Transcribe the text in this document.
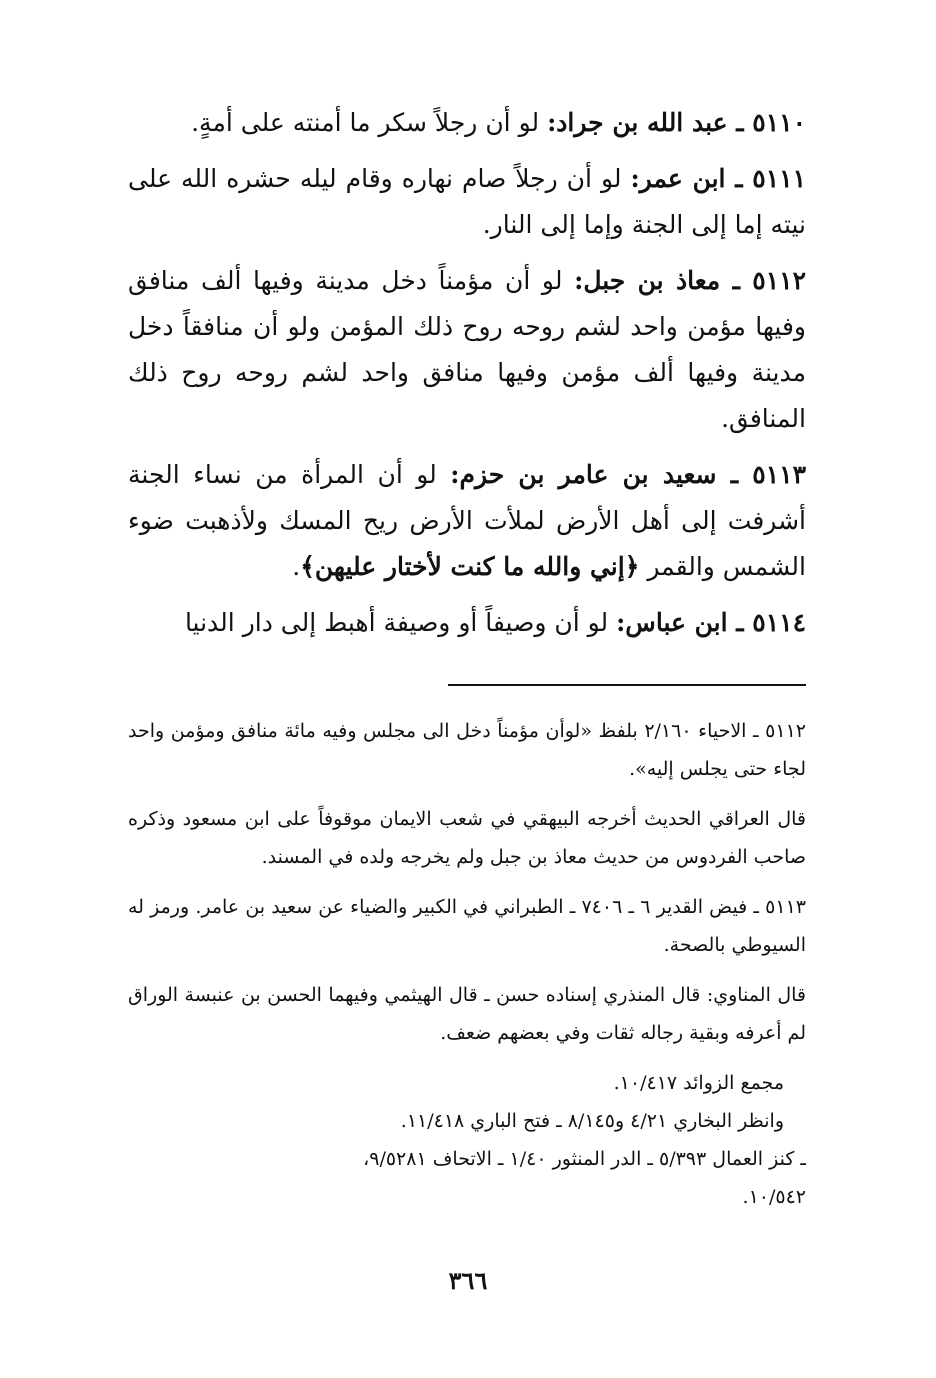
٥١١٠ ـ عبد الله بن جراد: لو أن رجلاً سكر ما أمنته على أمةٍ.

٥١١١ ـ ابن عمر: لو أن رجلاً صام نهاره وقام ليله حشره الله على نيته إما إلى الجنة وإما إلى النار.

٥١١٢ ـ معاذ بن جبل: لو أن مؤمناً دخل مدينة وفيها ألف منافق وفيها مؤمن واحد لشم روحه روح ذلك المؤمن ولو أن منافقاً دخل مدينة وفيها ألف مؤمن وفيها منافق واحد لشم روحه روح ذلك المنافق.

٥١١٣ ـ سعيد بن عامر بن حزم: لو أن المرأة من نساء الجنة أشرفت إلى أهل الأرض لملأت الأرض ريح المسك ولأذهبت ضوء الشمس والقمر ﴿إني والله ما كنت لأختار عليهن﴾.

٥١١٤ ـ ابن عباس: لو أن وصيفاً أو وصيفة أهبط إلى دار الدنيا

٥١١٢ ـ الاحياء ٢/١٦٠ بلفظ «لوأن مؤمناً دخل الى مجلس وفيه مائة منافق ومؤمن واحد لجاء حتى يجلس إليه».

قال العراقي الحديث أخرجه البيهقي في شعب الايمان موقوفاً على ابن مسعود وذكره صاحب الفردوس من حديث معاذ بن جبل ولم يخرجه ولده في المسند.

٥١١٣ ـ فيض القدير ٦ ـ ٧٤٠٦ ـ الطبراني في الكبير والضياء عن سعيد بن عامر. ورمز له السيوطي بالصحة.

قال المناوي: قال المنذري إسناده حسن ـ قال الهيثمي وفيهما الحسن بن عنبسة الوراق لم أعرفه وبقية رجاله ثقات وفي بعضهم ضعف.

مجمع الزوائد ١٠/٤١٧.

وانظر البخاري ٤/٢١ و٨/١٤٥ ـ فتح الباري ١١/٤١٨.

ـ كنز العمال ٥/٣٩٣ ـ الدر المنثور ١/٤٠ ـ الاتحاف ٩/٥٢٨١،

١٠/٥٤٢.

٣٦٦
